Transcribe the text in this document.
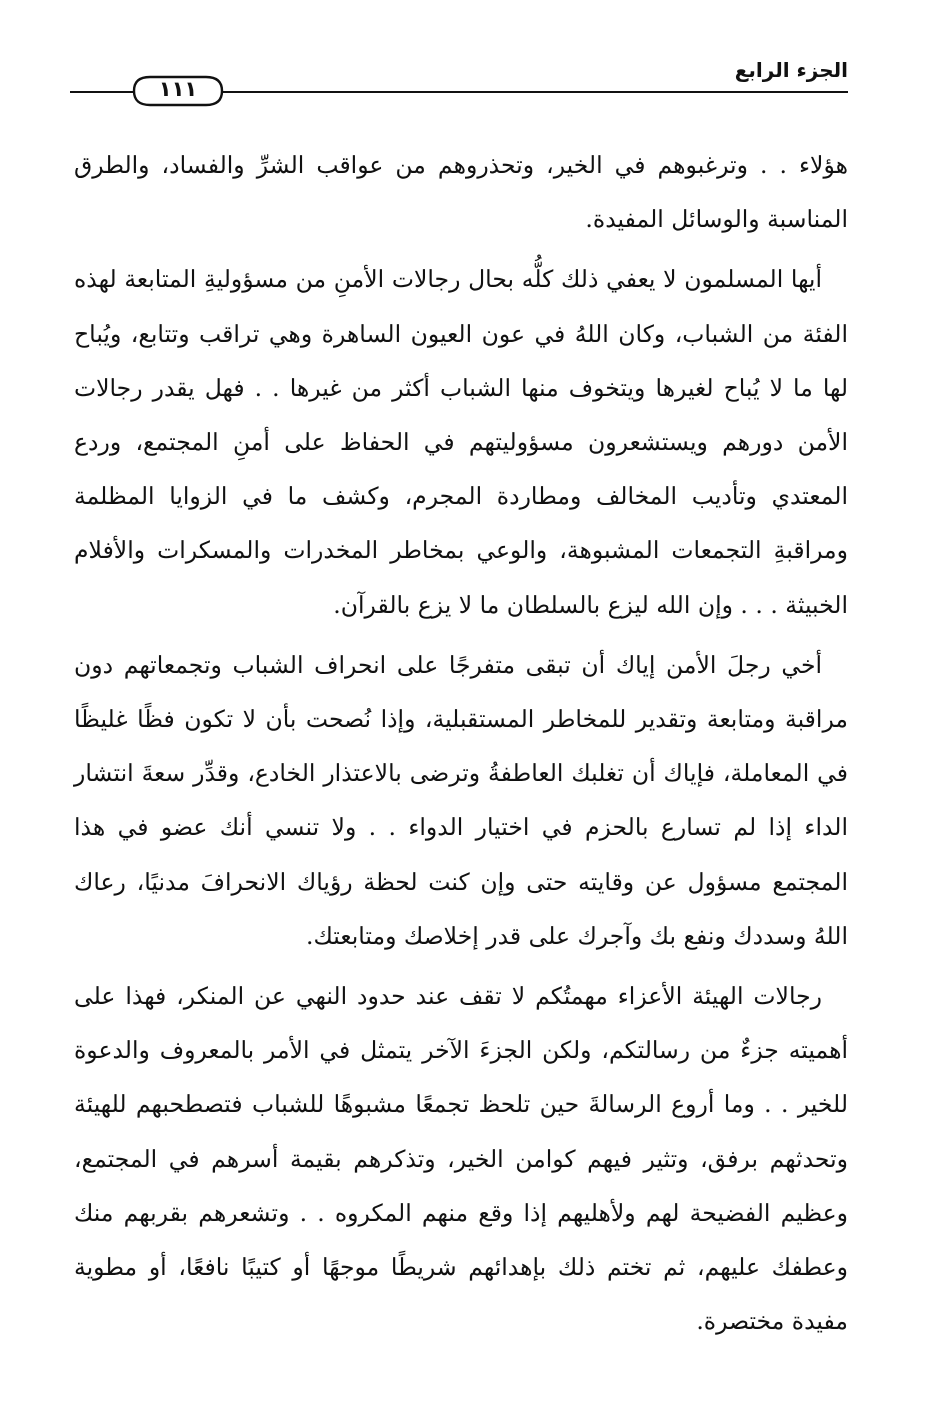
الجزء الرابع
١١١

هؤلاء . . وترغبوهم في الخير، وتحذروهم من عواقب الشرِّ والفساد، والطرق المناسبة والوسائل المفيدة.

أيها المسلمون لا يعفي ذلك كلُّه بحال رجالات الأمنِ من مسؤوليةِ المتابعة لهذه الفئة من الشباب، وكان اللهُ في عون العيون الساهرة وهي تراقب وتتابع، ويُباح لها ما لا يُباح لغيرها ويتخوف منها الشباب أكثر من غيرها . . فهل يقدر رجالات الأمن دورهم ويستشعرون مسؤوليتهم في الحفاظ على أمنِ المجتمع، وردع المعتدي وتأديب المخالف ومطاردة المجرم، وكشف ما في الزوايا المظلمة ومراقبةِ التجمعات المشبوهة، والوعي بمخاطر المخدرات والمسكرات والأفلام الخبيثة . . . وإن الله ليزع بالسلطان ما لا يزع بالقرآن.

أخي رجلَ الأمن إياك أن تبقى متفرجًا على انحراف الشباب وتجمعاتهم دون مراقبة ومتابعة وتقدير للمخاطر المستقبلية، وإذا نُصحت بأن لا تكون فظًا غليظًا في المعاملة، فإياك أن تغلبك العاطفةُ وترضى بالاعتذار الخادع، وقدِّر سعةَ انتشار الداء إذا لم تسارع بالحزم في اختيار الدواء . . ولا تنسي أنك عضو في هذا المجتمع مسؤول عن وقايته حتى وإن كنت لحظة رؤياك الانحرافَ مدنيًا، رعاك اللهُ وسددك ونفع بك وآجرك على قدر إخلاصك ومتابعتك.

رجالات الهيئة الأعزاء مهمتُكم لا تقف عند حدود النهي عن المنكر، فهذا على أهميته جزءٌ من رسالتكم، ولكن الجزءَ الآخر يتمثل في الأمر بالمعروف والدعوة للخير . . وما أروع الرسالةَ حين تلحظ تجمعًا مشبوهًا للشباب فتصطحبهم للهيئة وتحدثهم برفق، وتثير فيهم كوامن الخير، وتذكرهم بقيمة أسرهم في المجتمع، وعظيم الفضيحة لهم ولأهليهم إذا وقع منهم المكروه . . وتشعرهم بقربهم منك وعطفك عليهم، ثم تختم ذلك بإهدائهم شريطًا موجهًا أو كتيبًا نافعًا، أو مطوية مفيدة مختصرة.
